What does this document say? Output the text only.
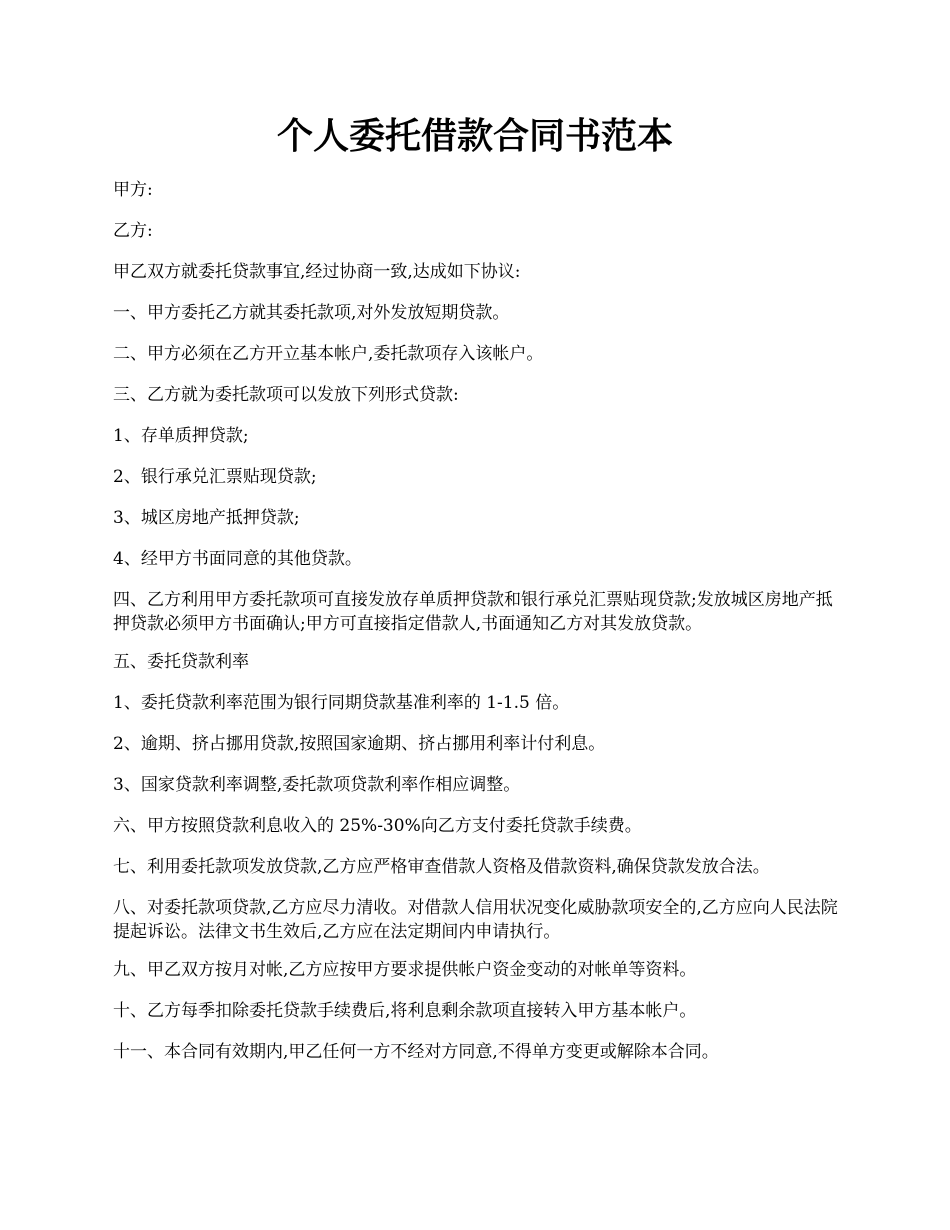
个人委托借款合同书范本

甲方:

乙方:

甲乙双方就委托贷款事宜,经过协商一致,达成如下协议:

一、甲方委托乙方就其委托款项,对外发放短期贷款。

二、甲方必须在乙方开立基本帐户,委托款项存入该帐户。

三、乙方就为委托款项可以发放下列形式贷款:

1、存单质押贷款;

2、银行承兑汇票贴现贷款;

3、城区房地产抵押贷款;

4、经甲方书面同意的其他贷款。

四、乙方利用甲方委托款项可直接发放存单质押贷款和银行承兑汇票贴现贷款;发放城区房地产抵押贷款必须甲方书面确认;甲方可直接指定借款人,书面通知乙方对其发放贷款。

五、委托贷款利率

1、委托贷款利率范围为银行同期贷款基准利率的 1-1.5 倍。

2、逾期、挤占挪用贷款,按照国家逾期、挤占挪用利率计付利息。

3、国家贷款利率调整,委托款项贷款利率作相应调整。

六、甲方按照贷款利息收入的 25%-30%向乙方支付委托贷款手续费。

七、利用委托款项发放贷款,乙方应严格审查借款人资格及借款资料,确保贷款发放合法。

八、对委托款项贷款,乙方应尽力清收。对借款人信用状况变化威胁款项安全的,乙方应向人民法院提起诉讼。法律文书生效后,乙方应在法定期间内申请执行。

九、甲乙双方按月对帐,乙方应按甲方要求提供帐户资金变动的对帐单等资料。

十、乙方每季扣除委托贷款手续费后,将利息剩余款项直接转入甲方基本帐户。

十一、本合同有效期内,甲乙任何一方不经对方同意,不得单方变更或解除本合同。
